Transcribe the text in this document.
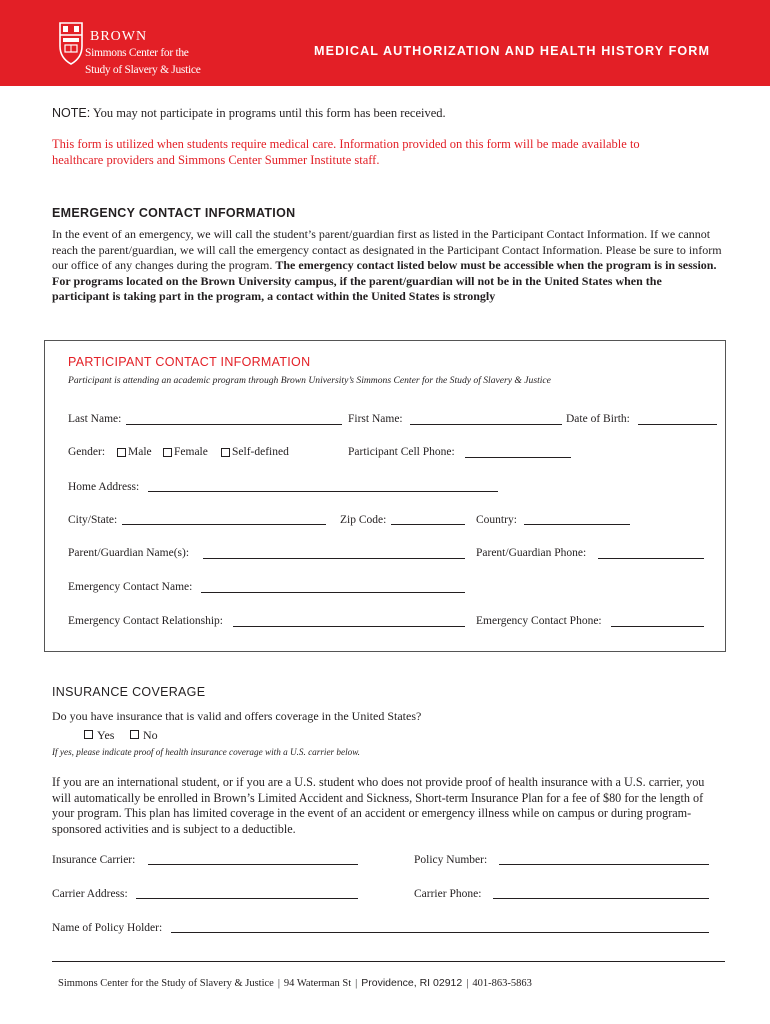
BROWN
Simmons Center for the
Study of Slavery & Justice
MEDICAL AUTHORIZATION AND HEALTH HISTORY FORM
NOTE: You may not participate in programs until this form has been received.
This form is utilized when students require medical care. Information provided on this form will be made available to healthcare providers and Simmons Center Summer Institute staff.
EMERGENCY CONTACT INFORMATION
In the event of an emergency, we will call the student’s parent/guardian first as listed in the Participant Contact Information. If we cannot reach the parent/guardian, we will call the emergency contact as designated in the Participant Contact Information. Please be sure to inform our office of any changes during the program. The emergency contact listed below must be accessible when the program is in session. For programs located on the Brown University campus, if the parent/guardian will not be in the United States when the participant is taking part in the program, a contact within the United States is strongly
PARTICIPANT CONTACT INFORMATION
Participant is attending an academic program through Brown University’s Simmons Center for the Study of Slavery & Justice
Last Name:	First Name:	Date of Birth:
Gender: Male Female Self-defined	Participant Cell Phone:
Home Address:
City/State:	Zip Code:	Country:
Parent/Guardian Name(s):	Parent/Guardian Phone:
Emergency Contact Name:
Emergency Contact Relationship:	Emergency Contact Phone:
INSURANCE COVERAGE
Do you have insurance that is valid and offers coverage in the United States?
Yes No
If yes, please indicate proof of health insurance coverage with a U.S. carrier below.
If you are an international student, or if you are a U.S. student who does not provide proof of health insurance with a U.S. carrier, you will automatically be enrolled in Brown’s Limited Accident and Sickness, Short-term Insurance Plan for a fee of $80 for the length of your program. This plan has limited coverage in the event of an accident or emergency illness while on campus or during program-sponsored activities and is subject to a deductible.
Insurance Carrier:	Policy Number:
Carrier Address:	Carrier Phone:
Name of Policy Holder:
Simmons Center for the Study of Slavery & Justice | 94 Waterman St | Providence, RI 02912 | 401-863-5863
